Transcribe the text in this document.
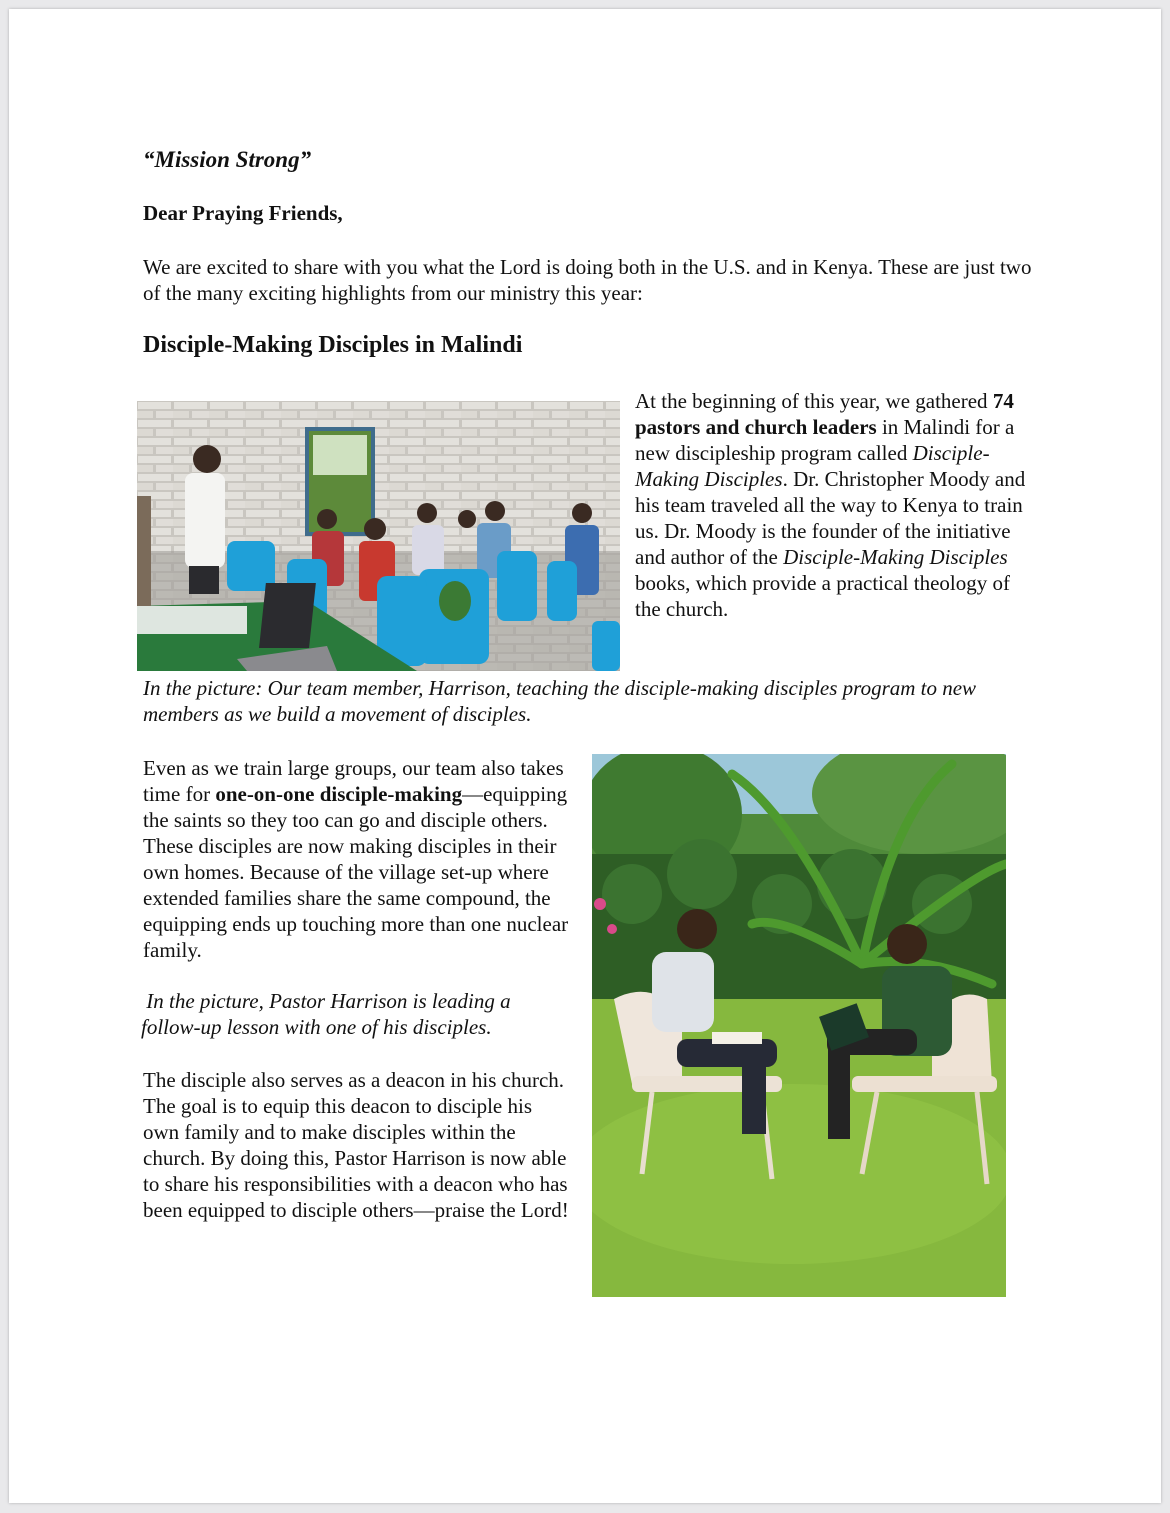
“Mission Strong”

Dear Praying Friends,

We are excited to share with you what the Lord is doing both in the U.S. and in Kenya. These are just two of the many exciting highlights from our ministry this year:

Disciple-Making Disciples in Malindi

At the beginning of this year, we gathered 74 pastors and church leaders in Malindi for a new discipleship program called Disciple-Making Disciples. Dr. Christopher Moody and his team traveled all the way to Kenya to train us. Dr. Moody is the founder of the initiative and author of the Disciple-Making Disciples books, which provide a practical theology of the church.

In the picture: Our team member, Harrison, teaching the disciple-making disciples program to new members as we build a movement of disciples.

Even as we train large groups, our team also takes time for one-on-one disciple-making—equipping the saints so they too can go and disciple others. These disciples are now making disciples in their own homes. Because of the village set-up where extended families share the same compound, the equipping ends up touching more than one nuclear family.

In the picture, Pastor Harrison is leading a follow-up lesson with one of his disciples.

The disciple also serves as a deacon in his church. The goal is to equip this deacon to disciple his own family and to make disciples within the church. By doing this, Pastor Harrison is now able to share his responsibilities with a deacon who has been equipped to disciple others—praise the Lord!
